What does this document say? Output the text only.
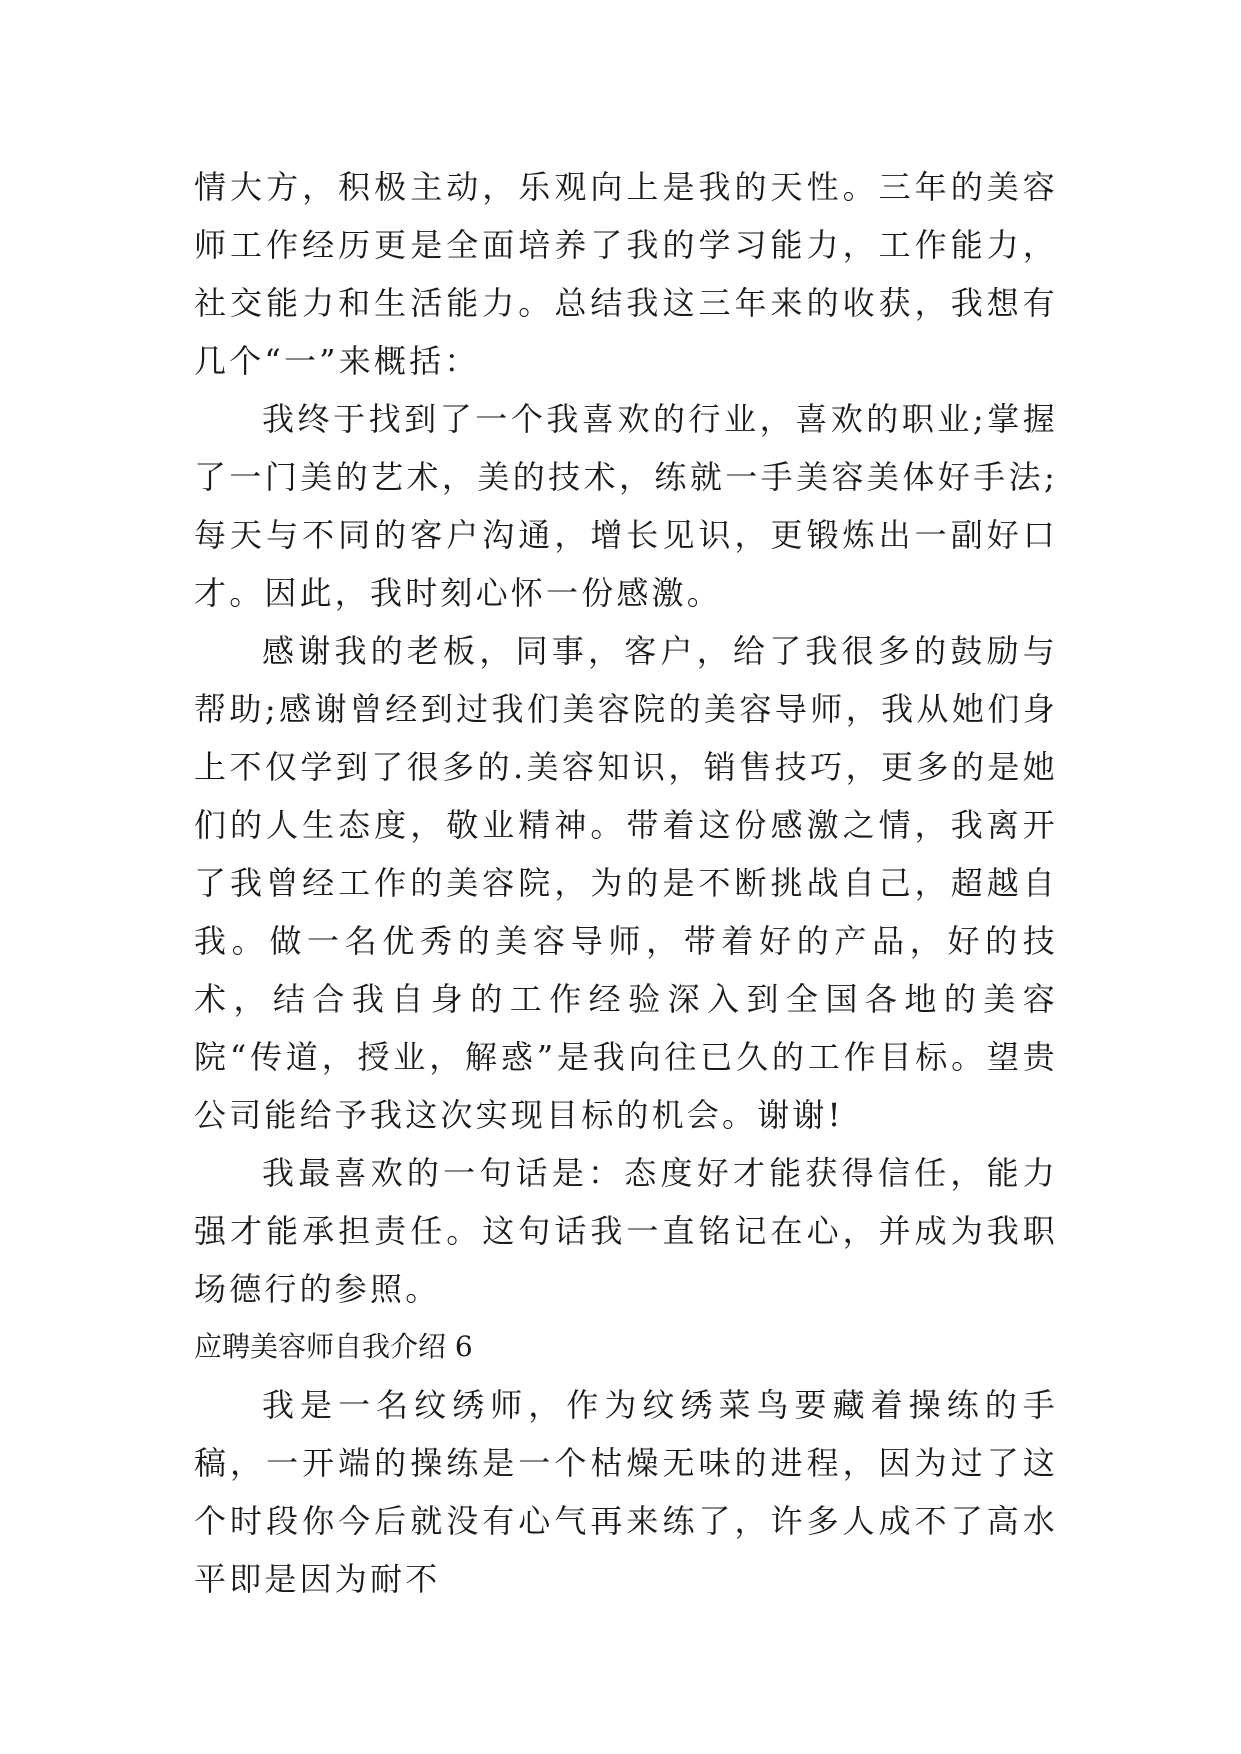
情大方，积极主动，乐观向上是我的天性。三年的美容师工作经历更是全面培养了我的学习能力，工作能力，社交能力和生活能力。总结我这三年来的收获，我想有几个“一”来概括：

我终于找到了一个我喜欢的行业，喜欢的职业;掌握了一门美的艺术，美的技术，练就一手美容美体好手法;每天与不同的客户沟通，增长见识，更锻炼出一副好口才。因此，我时刻心怀一份感激。

感谢我的老板，同事，客户，给了我很多的鼓励与帮助;感谢曾经到过我们美容院的美容导师，我从她们身上不仅学到了很多的.美容知识，销售技巧，更多的是她们的人生态度，敬业精神。带着这份感激之情，我离开了我曾经工作的美容院，为的是不断挑战自己，超越自我。做一名优秀的美容导师，带着好的产品，好的技术，结合我自身的工作经验深入到全国各地的美容院“传道，授业，解惑”是我向往已久的工作目标。望贵公司能给予我这次实现目标的机会。谢谢!

我最喜欢的一句话是：态度好才能获得信任，能力强才能承担责任。这句话我一直铭记在心，并成为我职场德行的参照。

应聘美容师自我介绍 6

我是一名纹绣师，作为纹绣菜鸟要藏着操练的手稿，一开端的操练是一个枯燥无味的进程，因为过了这个时段你今后就没有心气再来练了，许多人成不了高水平即是因为耐不
